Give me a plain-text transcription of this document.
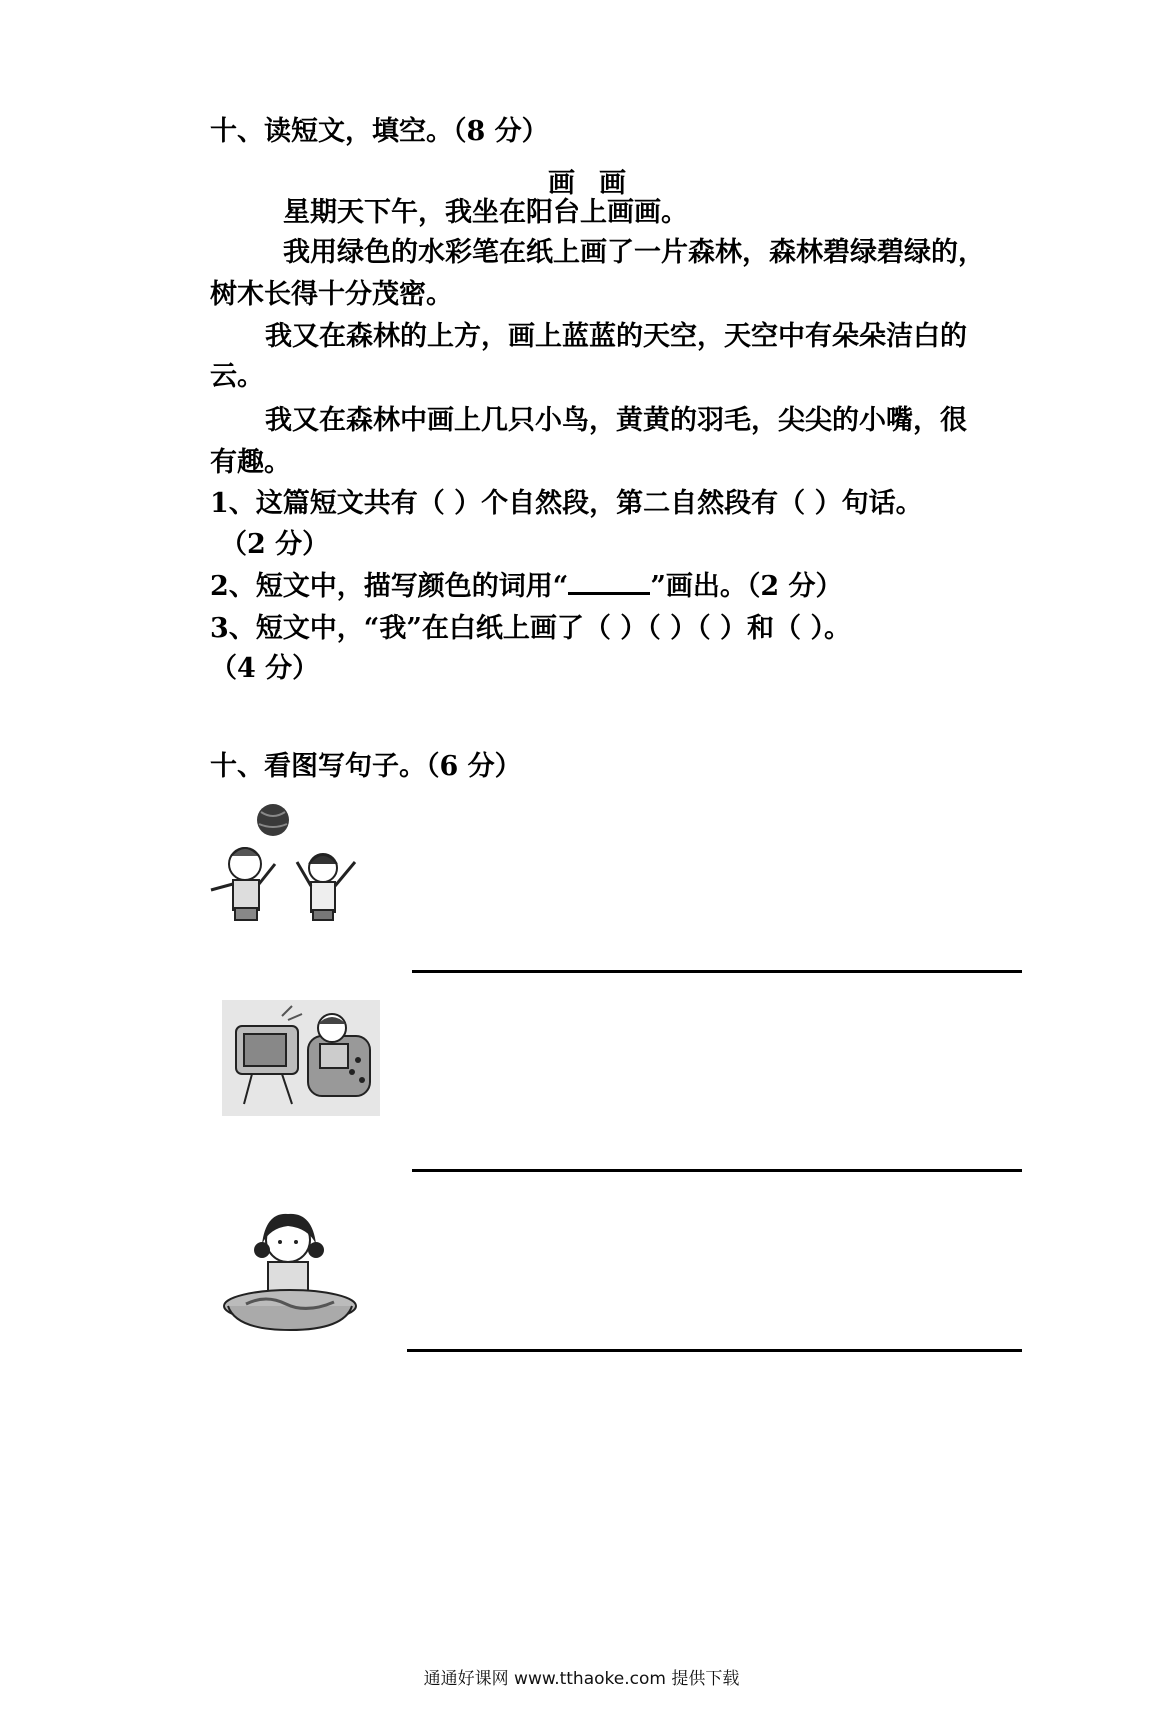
十、读短文，填空。（8 分）
画画
星期天下午，我坐在阳台上画画。
我用绿色的水彩笔在纸上画了一片森林，森林碧绿碧绿的，
树木长得十分茂密。
我又在森林的上方，画上蓝蓝的天空，天空中有朵朵洁白的
云。
我又在森林中画上几只小鸟，黄黄的羽毛，尖尖的小嘴，很
有趣。
1、这篇短文共有（ ）个自然段，第二自然段有（ ）句话。
（2 分）
2、短文中，描写颜色的词用“	”画出。（2 分）
3、短文中，“我”在白纸上画了（ ）（ ）（ ）和（ ）。
（4 分）
十、看图写句子。（6 分）
通通好课网 www.tthaoke.com 提供下载
